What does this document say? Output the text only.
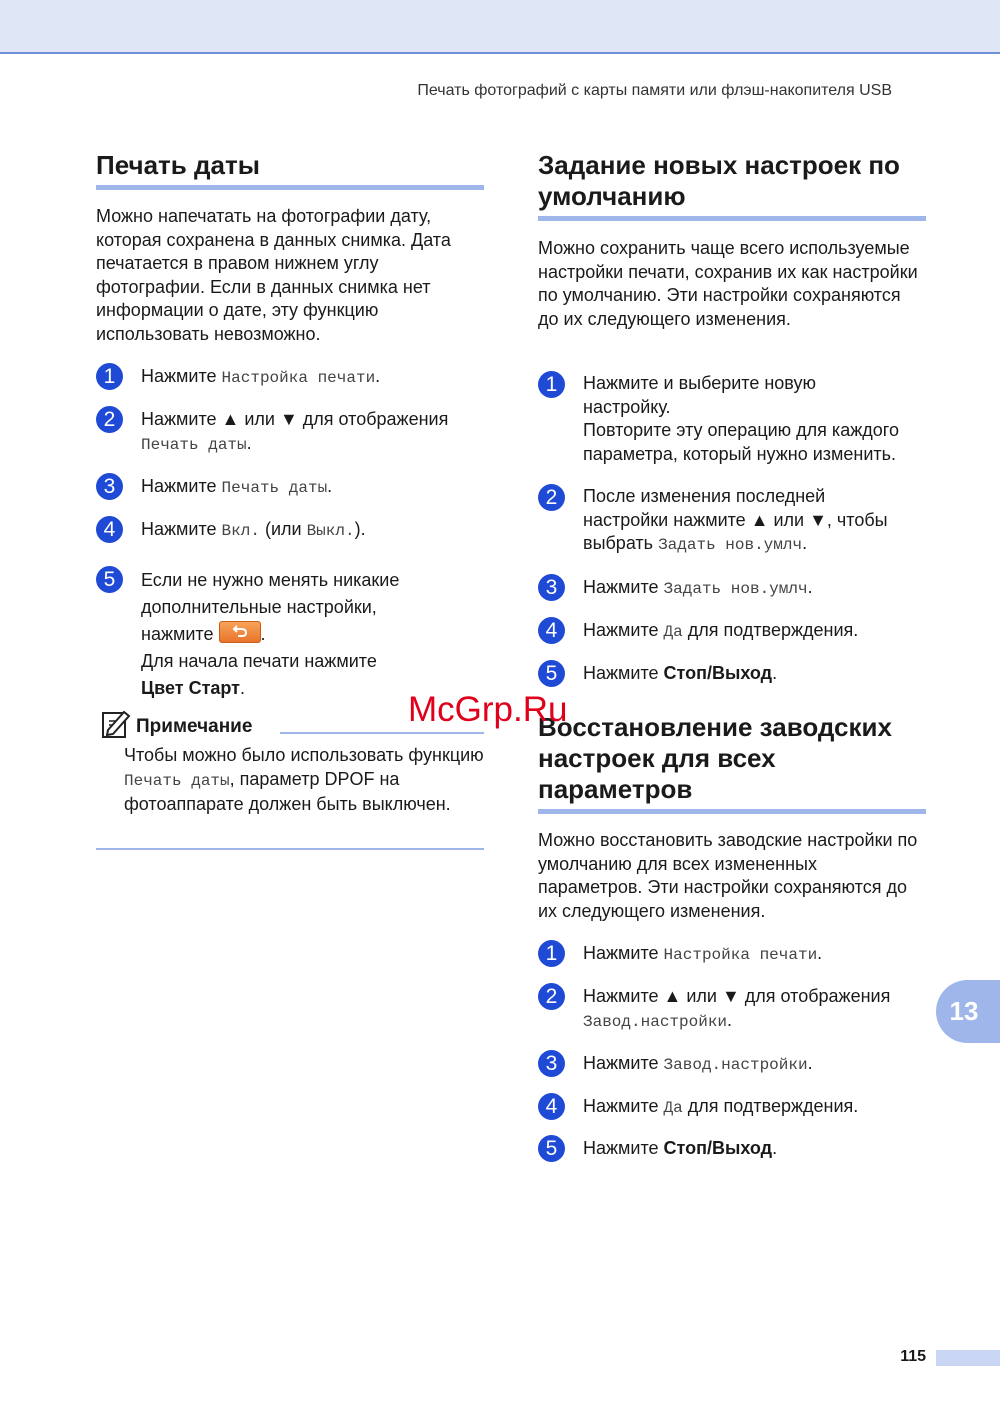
Печать фотографий с карты памяти или флэш-накопителя USB
Печать даты

Можно напечатать на фотографии дату, которая сохранена в данных снимка. Дата печатается в правом нижнем углу фотографии. Если в данных снимка нет информации о дате, эту функцию использовать невозможно.

1	Нажмите Настройка печати.
2	Нажмите ▲ или ▼ для отображения
Печать даты.
3	Нажмите Печать даты.
4	Нажмите Вкл. (или Выкл.).
5	Если не нужно менять никакие
дополнительные настройки,
нажмите	.
Для начала печати нажмите
Цвет Старт.
Примечание
Чтобы можно было использовать функцию Печать даты, параметр DPOF на фотоаппарате должен быть выключен.
Задание новых настроек по
умолчанию

Можно сохранить чаще всего используемые настройки печати, сохранив их как настройки по умолчанию. Эти настройки сохраняются до их следующего изменения.

1	Нажмите и выберите новую
настройку.
Повторите эту операцию для каждого
параметра, который нужно изменить.
2	После изменения последней
настройки нажмите ▲ или ▼, чтобы
выбрать Задать нов.умлч.
3	Нажмите Задать нов.умлч.
4	Нажмите Да для подтверждения.
5	Нажмите Стоп/Выход.
Восстановление заводских
настроек для всех
параметров

Можно восстановить заводские настройки по умолчанию для всех измененных параметров. Эти настройки сохраняются до их следующего изменения.

1	Нажмите Настройка печати.
2	Нажмите ▲ или ▼ для отображения
Завод.настройки.
3	Нажмите Завод.настройки.
4	Нажмите Да для подтверждения.
5	Нажмите Стоп/Выход.
McGrp.Ru
13
115
